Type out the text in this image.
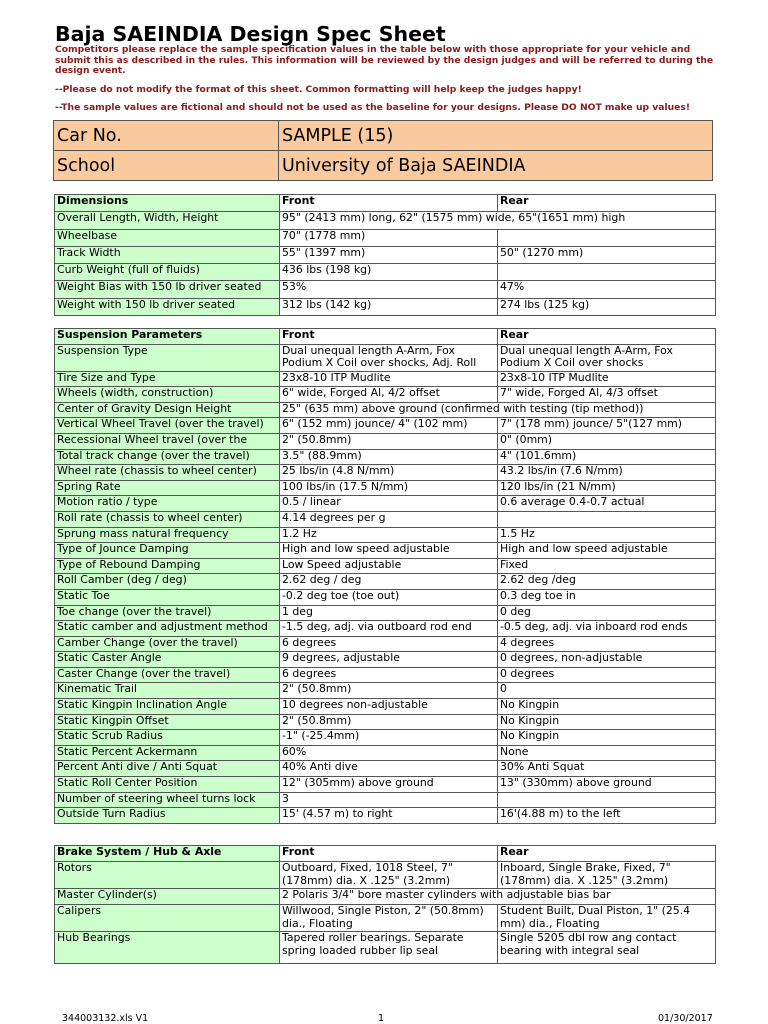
Baja SAEINDIA Design Spec Sheet

Competitors please replace the sample specification values in the table below with those appropriate for your vehicle and submit this as described in the rules. This information will be reviewed by the design judges and will be referred to during the design event.

--Please do not modify the format of this sheet. Common formatting will help keep the judges happy!

--The sample values are fictional and should not be used as the baseline for your designs. Please DO NOT make up values!

Car No.	SAMPLE (15)
School	University of Baja SAEINDIA
Dimensions	Front	Rear
Overall Length, Width, Height	95" (2413 mm) long, 62" (1575 mm) wide, 65"(1651 mm) high	
Wheelbase	70" (1778 mm)	
Track Width	55" (1397 mm)	50" (1270 mm)
Curb Weight (full of fluids)	436 lbs (198 kg)	
Weight Bias with 150 lb driver seated	53%	47%
Weight with 150 lb driver seated	312 lbs (142 kg)	274 lbs (125 kg)
Suspension Parameters	Front	Rear
Suspension Type	Dual unequal length A-Arm, Fox Podium X Coil over shocks, Adj. Roll	Dual unequal length A-Arm, Fox Podium X Coil over shocks
Tire Size and Type	23x8-10 ITP Mudlite	23x8-10 ITP Mudlite
Wheels (width, construction)	6" wide, Forged Al, 4/2 offset	7" wide, Forged Al, 4/3 offset
Center of Gravity Design Height	25" (635 mm) above ground (confirmed with testing (tip method))	
Vertical Wheel Travel (over the travel)	6" (152 mm) jounce/ 4" (102 mm)	7" (178 mm) jounce/ 5"(127 mm)
Recessional Wheel travel (over the	2" (50.8mm)	0" (0mm)
Total track change (over the travel)	3.5" (88.9mm)	4" (101.6mm)
Wheel rate (chassis to wheel center)	25 lbs/in (4.8 N/mm)	43.2 lbs/in (7.6 N/mm)
Spring Rate	100 lbs/in (17.5 N/mm)	120 lbs/in (21 N/mm)
Motion ratio / type	0.5 / linear	0.6 average 0.4-0.7 actual
Roll rate (chassis to wheel center)	4.14 degrees per g	
Sprung mass natural frequency	1.2 Hz	1.5 Hz
Type of Jounce Damping	High and low speed adjustable	High and low speed adjustable
Type of Rebound Damping	Low Speed adjustable	Fixed
Roll Camber (deg / deg)	2.62 deg / deg	2.62 deg /deg
Static Toe	-0.2 deg toe (toe out)	0.3 deg toe in
Toe change (over the travel)	1 deg	0 deg
Static camber and adjustment method	-1.5 deg, adj. via outboard rod end	-0.5 deg, adj. via inboard rod ends
Camber Change (over the travel)	6 degrees	4 degrees
Static Caster Angle	9 degrees, adjustable	0 degrees, non-adjustable
Caster Change (over the travel)	6 degrees	0 degrees
Kinematic Trail	2" (50.8mm)	0
Static Kingpin Inclination Angle	10 degrees non-adjustable	No Kingpin
Static Kingpin Offset	2" (50.8mm)	No Kingpin
Static Scrub Radius	-1" (-25.4mm)	No Kingpin
Static Percent Ackermann	60%	None
Percent Anti dive / Anti Squat	40% Anti dive	30% Anti Squat
Static Roll Center Position	12" (305mm) above ground	13" (330mm) above ground
Number of steering wheel turns lock	3	
Outside Turn Radius	15' (4.57 m) to right	16'(4.88 m) to the left
Brake System / Hub & Axle	Front	Rear
Rotors	Outboard, Fixed, 1018 Steel, 7"(178mm) dia. X .125" (3.2mm)	Inboard, Single Brake, Fixed, 7"(178mm) dia. X .125" (3.2mm)
Master Cylinder(s)	2 Polaris 3/4" bore master cylinders with adjustable bias bar	
Calipers	Willwood, Single Piston, 2" (50.8mm) dia., Floating	Student Built, Dual Piston, 1" (25.4 mm) dia., Floating
Hub Bearings	Tapered roller bearings. Separate spring loaded rubber lip seal	Single 5205 dbl row ang contact bearing with integral seal
344003132.xls V1	1	01/30/2017
